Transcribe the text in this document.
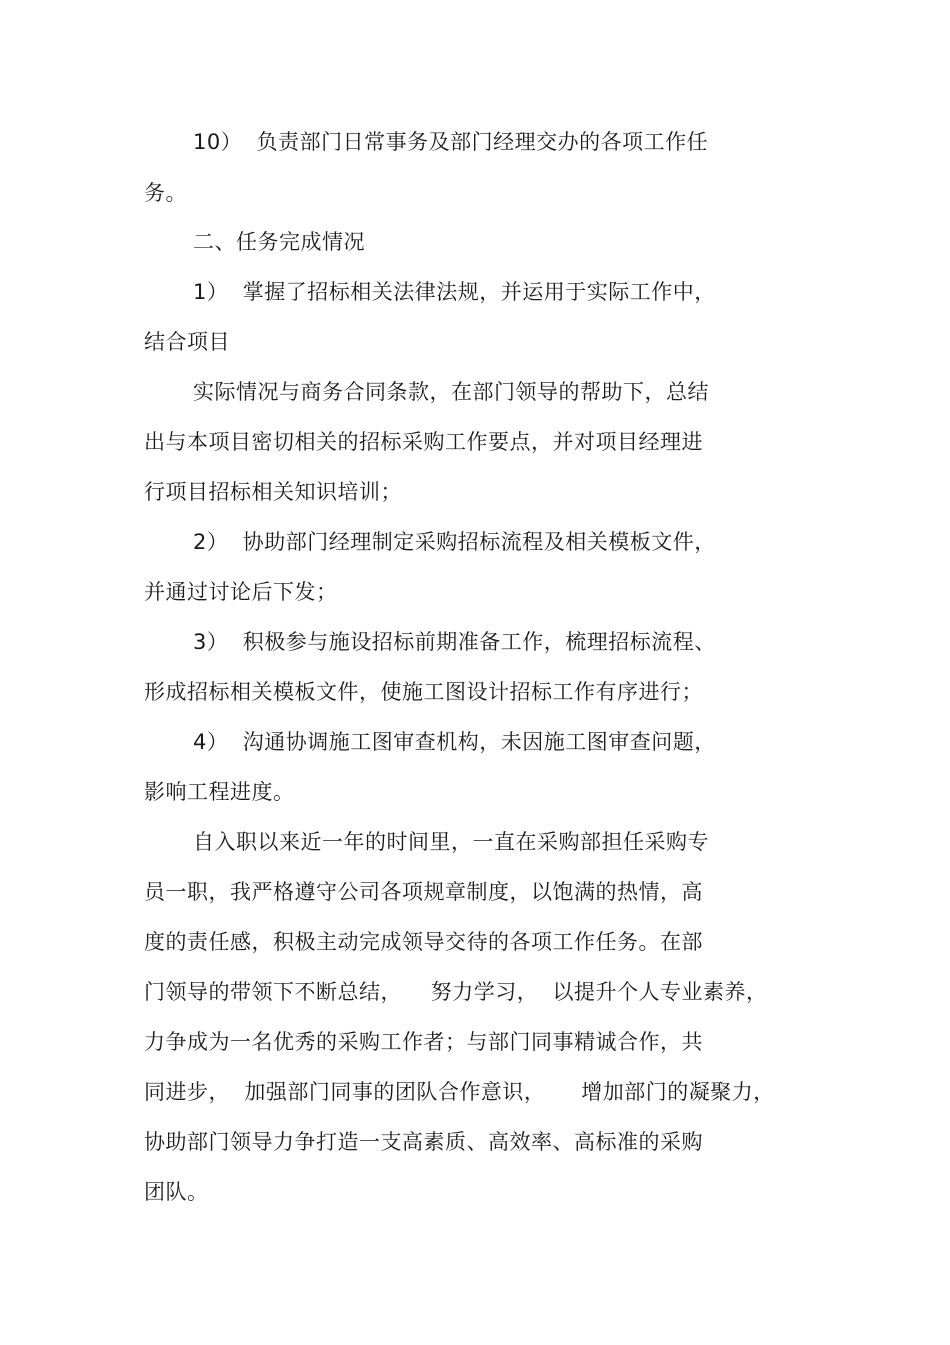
10）  负责部门日常事务及部门经理交办的各项工作任
务。
二、任务完成情况
1）  掌握了招标相关法律法规，并运用于实际工作中，
结合项目
实际情况与商务合同条款，在部门领导的帮助下，总结
出与本项目密切相关的招标采购工作要点，并对项目经理进
行项目招标相关知识培训；
2）  协助部门经理制定采购招标流程及相关模板文件，
并通过讨论后下发；
3）  积极参与施设招标前期准备工作，梳理招标流程、
形成招标相关模板文件，使施工图设计招标工作有序进行；
4）  沟通协调施工图审查机构，未因施工图审查问题，
影响工程进度。
自入职以来近一年的时间里，一直在采购部担任采购专
员一职，我严格遵守公司各项规章制度，以饱满的热情，高
度的责任感，积极主动完成领导交待的各项工作任务。在部
门领导的带领下不断总结，    努力学习，  以提升个人专业素养，
力争成为一名优秀的采购工作者；与部门同事精诚合作，共
同进步，  加强部门同事的团队合作意识，     增加部门的凝聚力，
协助部门领导力争打造一支高素质、高效率、高标准的采购
团队。
